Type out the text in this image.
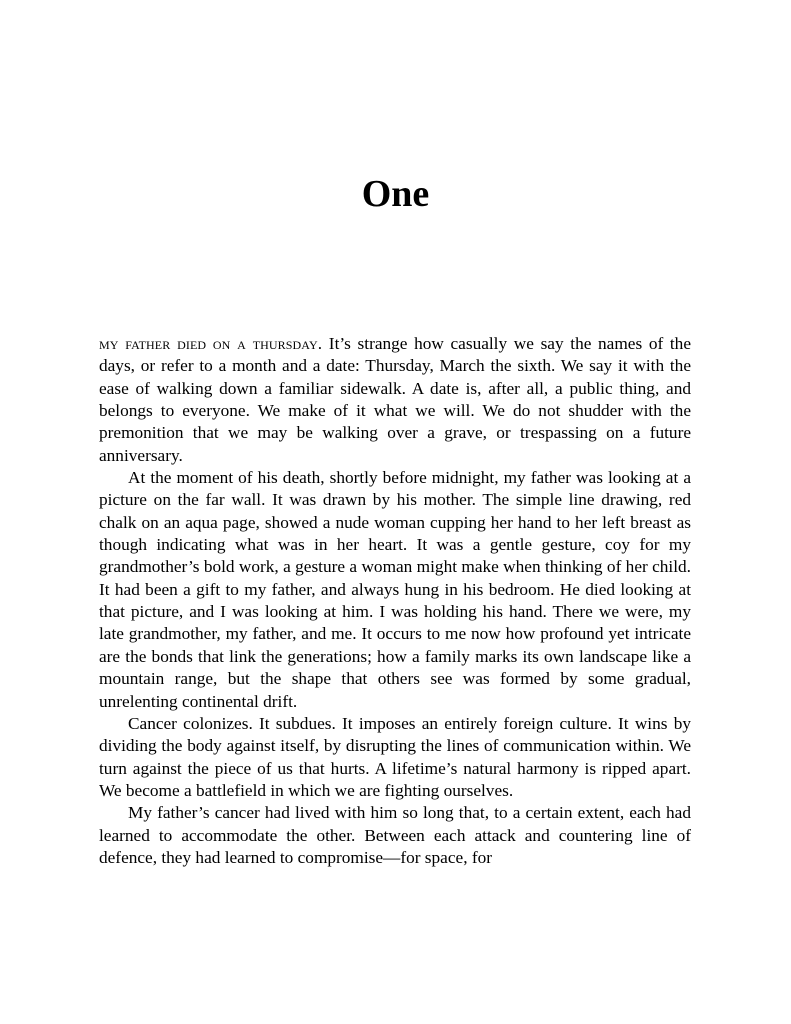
One

my father died on a thursday. It’s strange how casually we say the names of the days, or refer to a month and a date: Thursday, March the sixth. We say it with the ease of walking down a familiar sidewalk. A date is, after all, a public thing, and belongs to everyone. We make of it what we will. We do not shudder with the premonition that we may be walking over a grave, or trespassing on a future anniversary.

At the moment of his death, shortly before midnight, my father was looking at a picture on the far wall. It was drawn by his mother. The simple line drawing, red chalk on an aqua page, showed a nude woman cupping her hand to her left breast as though indicating what was in her heart. It was a gentle gesture, coy for my grandmother’s bold work, a gesture a woman might make when thinking of her child. It had been a gift to my father, and always hung in his bedroom. He died looking at that picture, and I was looking at him. I was holding his hand. There we were, my late grandmother, my father, and me. It occurs to me now how profound yet intricate are the bonds that link the generations; how a family marks its own landscape like a mountain range, but the shape that others see was formed by some gradual, unrelenting continental drift.

Cancer colonizes. It subdues. It imposes an entirely foreign culture. It wins by dividing the body against itself, by disrupting the lines of communication within. We turn against the piece of us that hurts. A lifetime’s natural harmony is ripped apart. We become a battlefield in which we are fighting ourselves.

My father’s cancer had lived with him so long that, to a certain extent, each had learned to accommodate the other. Between each attack and countering line of defence, they had learned to compromise—for space, for
